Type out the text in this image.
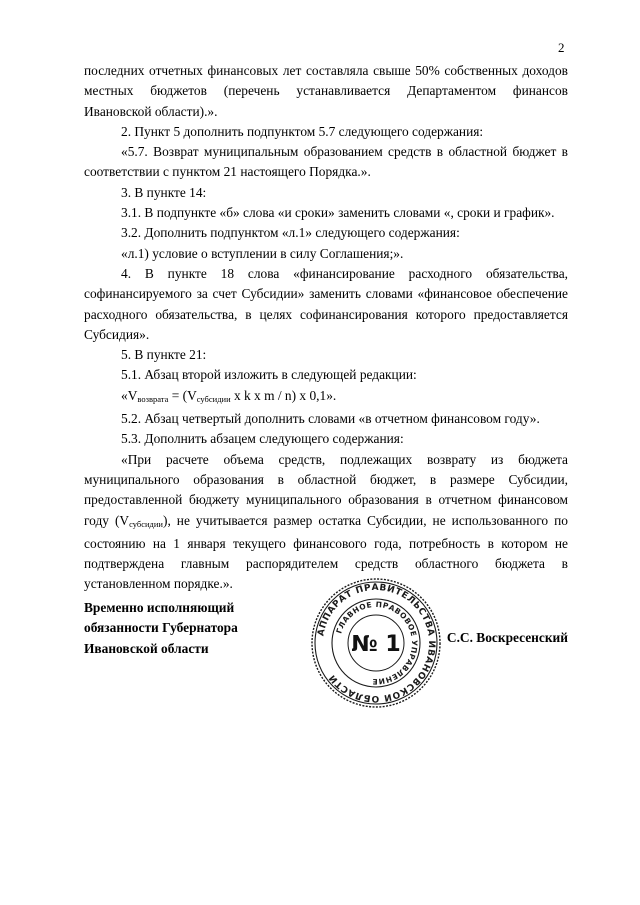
2

последних отчетных финансовых лет составляла свыше 50% собственных доходов местных бюджетов (перечень устанавливается Департаментом финансов Ивановской области).».

2. Пункт 5 дополнить подпунктом 5.7 следующего содержания:

«5.7. Возврат муниципальным образованием средств в областной бюджет в соответствии с пунктом 21 настоящего Порядка.».

3. В пункте 14:

3.1. В подпункте «б» слова «и сроки» заменить словами «, сроки и график».

3.2. Дополнить подпунктом «л.1» следующего содержания:

«л.1) условие о вступлении в силу Соглашения;».

4. В пункте 18 слова «финансирование расходного обязательства, софинансируемого за счет Субсидии» заменить словами «финансовое обеспечение расходного обязательства, в целях софинансирования которого предоставляется Субсидия».

5. В пункте 21:

5.1. Абзац второй изложить в следующей редакции:

«$V_{возврата} = (V_{субсидии}$ x k x m / n) x 0,1».

5.2. Абзац четвертый дополнить словами «в отчетном финансовом году».

5.3. Дополнить абзацем следующего содержания:

«При расчете объема средств, подлежащих возврату из бюджета муниципального образования в областной бюджет, в размере Субсидии, предоставленной бюджету муниципального образования в отчетном финансовом году $(V_{субсидии})$, не учитывается размер остатка Субсидии, не использованного по состоянию на 1 января текущего финансового года, потребность в котором не подтверждена главным распорядителем средств областного бюджета в установленном порядке.».

Временно исполняющий
обязанности Губернатора
Ивановской области
АППАРАТ ПРАВИТЕЛЬСТВА ИВАНОВСКОЙ ОБЛАСТИ
ГЛАВНОЕ ПРАВОВОЕ УПРАВЛЕНИЕ
№ 1	С.С. Воскресенский
